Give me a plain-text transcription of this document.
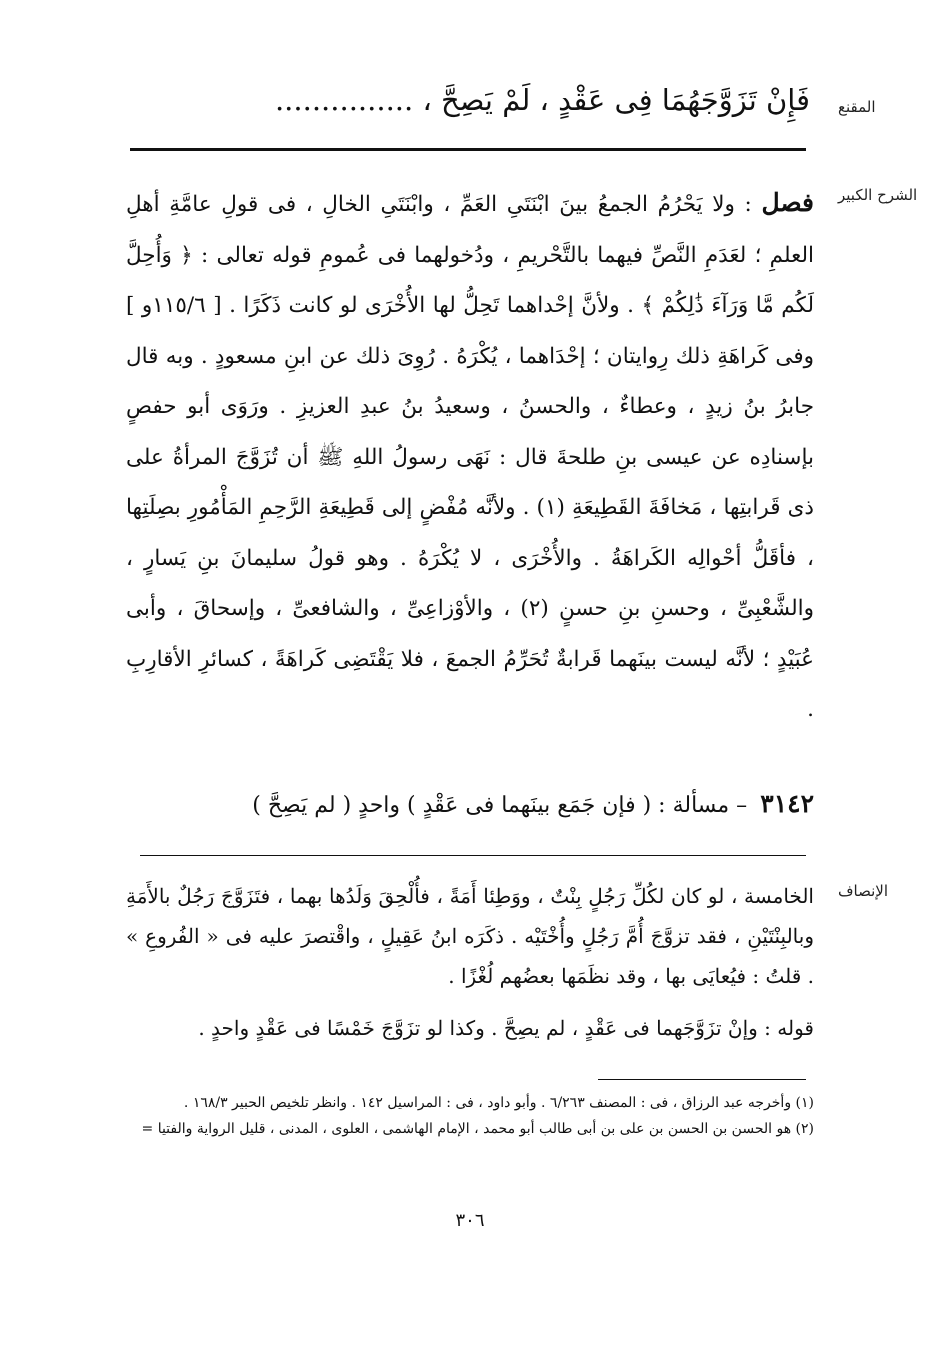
المقنع
فَإِنْ تَزَوَّجَهُمَا فِى عَقْدٍ ، لَمْ يَصِحَّ ، ...............
الشرح الكبير

فصل : ولا يَحْرُمُ الجمعُ بينَ ابْنَتَىِ العَمِّ ، وابْنَتَىِ الخالِ ، فى قولِ عامَّةِ أهلِ العلمِ ؛ لعَدَمِ النَّصِّ فيهما بالتَّحْريمِ ، ودُخولهما فى عُمومِ قوله تعالى : ﴿ وَأُحِلَّ لَكُم مَّا وَرَآءَ ذَٰلِكُمْ ﴾ . ولأنَّ إحْداهما تَحِلُّ لها الأُخْرَى لو كانت ذَكَرًا . [ ١١٥/٦و ] وفى كَراهَةِ ذلك رِوايتان ؛ إحْدَاهما ، يُكْرَهُ . رُوِىَ ذلك عن ابنِ مسعودٍ . وبه قال جابرُ بنُ زيدٍ ، وعطاءٌ ، والحسنُ ، وسعيدُ بنُ عبدِ العزيزِ . ورَوَى أبو حفصٍ بإسنادِه عن عيسى بنِ طلحةَ قال : نَهَى رسولُ اللهِ ﷺ أن تُزَوَّجَ المرأةُ على ذى قَرابتِها ، مَخافَةَ القَطِيعَةِ (١) . ولأنَّه مُفْضٍ إلى قَطِيعَةِ الرَّحِمِ المَأْمُورِ بصِلَتِها ، فأقَلُّ أحْوالِه الكَراهَةُ . والأُخْرَى ، لا يُكْرَهُ . وهو قولُ سليمانَ بنِ يَسارٍ ، والشَّعْبِىِّ ، وحسنِ بنِ حسنٍ (٢) ، والأوْزاعِىِّ ، والشافعىِّ ، وإسحاقَ ، وأبى عُبَيْدٍ ؛ لأنَّه ليست بينَهما قَرابةٌ تُحَرِّمُ الجمعَ ، فلا يَقْتَضِى كَراهَةً ، كسائرِ الأقارِبِ .

٣١٤٢ – مسألة : ( فإن جَمَع بينَهما فى عَقْدٍ ) واحدٍ ( لم يَصِحَّ )
الإنصاف

الخامسة ، لو كان لكُلِّ رَجُلٍ بِنْتٌ ، ووَطِئا أَمَةً ، فأُلْحِقَ وَلَدُها بهما ، فتَزَوَّجَ رَجُلٌ بالأَمَةِ وبالبِنْتَيْنِ ، فقد تزوَّجَ أُمَّ رَجُلٍ وأُخْتَيْه . ذكَرَه ابنُ عَقِيلٍ ، واقْتصرَ عليه فى « الفُروعِ » . قلتُ : فيُعايَى بها ، وقد نظَمَها بعضُهم لُغْزًا .

قوله : وإنْ تزَوَّجَهما فى عَقْدٍ ، لم يصِحَّ . وكذا لو تزَوَّجَ خَمْسًا فى عَقْدٍ واحدٍ .

(١) وأخرجه عبد الرزاق ، فى : المصنف ٦/٢٦٣ . وأبو داود ، فى : المراسيل ١٤٢ . وانظر تلخيص الحبير ١٦٨/٣ .

(٢) هو الحسن بن الحسن بن على بن أبى طالب أبو محمد ، الإمام الهاشمى ، العلوى ، المدنى ، قليل الرواية والفتيا =

٣٠٦
